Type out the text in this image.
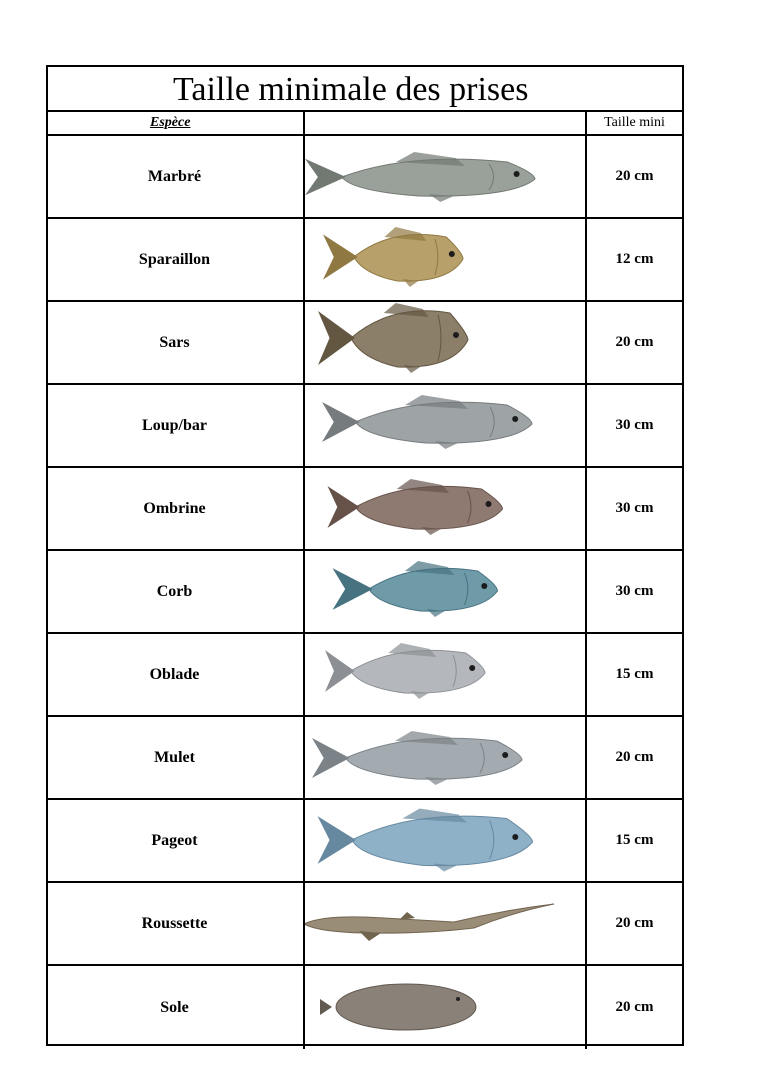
Taille minimale des prises
Espèce	Taille mini
Marbré	20 cm
Sparaillon	12 cm
Sars	20 cm
Loup/bar	30 cm
Ombrine	30 cm
Corb	30 cm
Oblade	15 cm
Mulet	20 cm
Pageot	15 cm
Roussette	20 cm
Sole	20 cm
